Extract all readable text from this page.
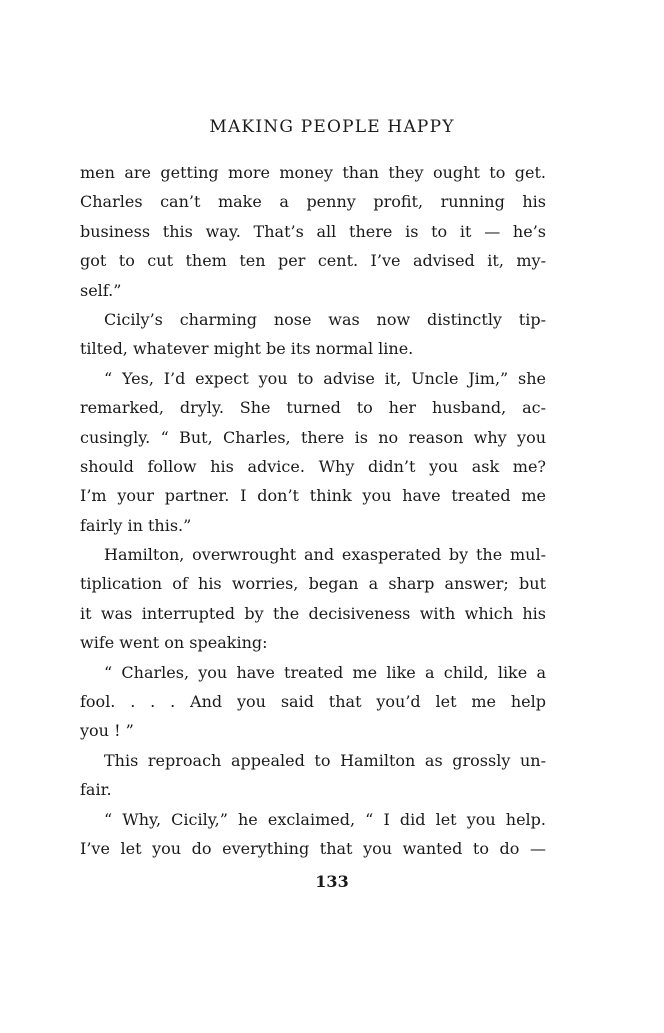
MAKING PEOPLE HAPPY
men are getting more money than they ought to get.
Charles can’t make a penny profit, running his
business this way. That’s all there is to it — he’s
got to cut them ten per cent. I’ve advised it, my-
self.”
Cicily’s charming nose was now distinctly tip-
tilted, whatever might be its normal line.
“ Yes, I’d expect you to advise it, Uncle Jim,” she
remarked, dryly. She turned to her husband, ac-
cusingly. “ But, Charles, there is no reason why you
should follow his advice. Why didn’t you ask me?
I’m your partner. I don’t think you have treated me
fairly in this.”
Hamilton, overwrought and exasperated by the mul-
tiplication of his worries, began a sharp answer; but
it was interrupted by the decisiveness with which his
wife went on speaking:
“ Charles, you have treated me like a child, like a
fool. . . . And you said that you’d let me help
you ! ”
This reproach appealed to Hamilton as grossly un-
fair.
“ Why, Cicily,” he exclaimed, “ I did let you help.
I’ve let you do everything that you wanted to do —
133
